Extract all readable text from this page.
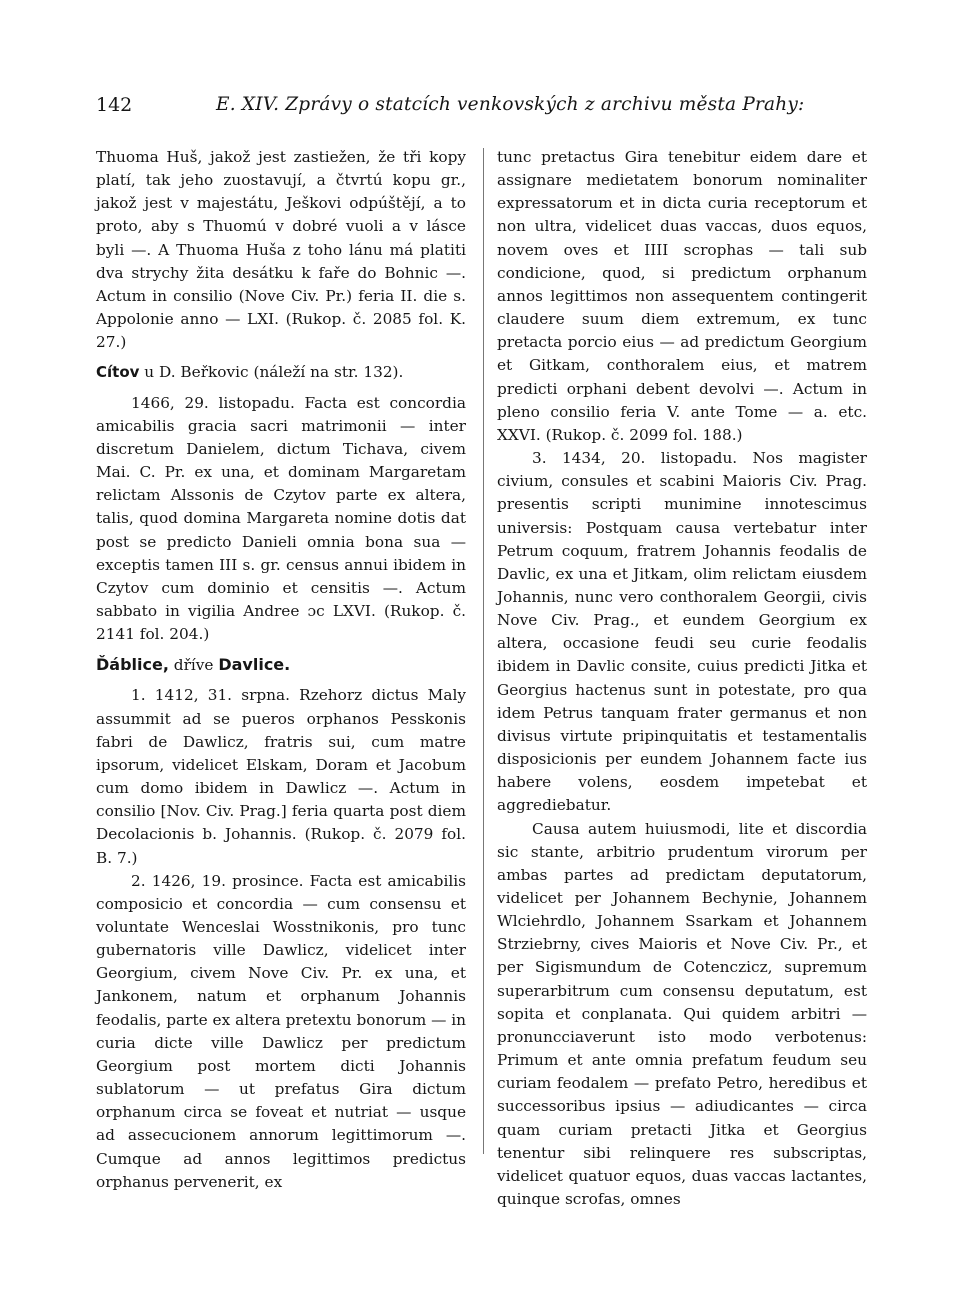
142	E. XIV. Zprávy o statcích venkovských z archivu města Prahy:

Thuoma Huš, jakož jest zastiežen, že tři kopy platí, tak jeho zuostavují, a čtvrtú kopu gr., jakož jest v majestátu, Ješkovi odpúštějí, a to proto, aby s Thuomú v dobré vuoli a v lásce byli —. A Thuoma Huša z toho lánu má platiti dva strychy žita desátku k faře do Bohnic —. Actum in consilio (Nove Civ. Pr.) feria II. die s. Appolonie anno — LXI. (Rukop. č. 2085 fol. K. 27.)

Cítov u D. Beřkovic (náleží na str. 132).

1466, 29. listopadu. Facta est concordia amicabilis gracia sacri matrimonii — inter discretum Danielem, dictum Tichava, civem Mai. C. Pr. ex una, et dominam Margaretam relictam Alssonis de Czytov parte ex altera, talis, quod domina Margareta nomine dotis dat post se predicto Danieli omnia bona sua — exceptis tamen III s. gr. census annui ibidem in Czytov cum dominio et censitis —. Actum sabbato in vigilia Andree ɔc LXVI. (Rukop. č. 2141 fol. 204.)

Ďáblice, dříve Davlice.

1. 1412, 31. srpna. Rzehorz dictus Maly assummit ad se pueros orphanos Pesskonis fabri de Dawlicz, fratris sui, cum matre ipsorum, videlicet Elskam, Doram et Jacobum cum domo ibidem in Dawlicz —. Actum in consilio [Nov. Civ. Prag.] feria quarta post diem Decolacionis b. Johannis. (Rukop. č. 2079 fol. B. 7.)

2. 1426, 19. prosince. Facta est amicabilis composicio et concordia — cum consensu et voluntate Wenceslai Wosstnikonis, pro tunc gubernatoris ville Dawlicz, videlicet inter Georgium, civem Nove Civ. Pr. ex una, et Jankonem, natum et orphanum Johannis feodalis, parte ex altera pretextu bonorum — in curia dicte ville Dawlicz per predictum Georgium post mortem dicti Johannis sublatorum — ut prefatus Gira dictum orphanum circa se foveat et nutriat — usque ad assecucionem annorum legittimorum —. Cumque ad annos legittimos predictus orphanus pervenerit, ex

tunc pretactus Gira tenebitur eidem dare et assignare medietatem bonorum nominaliter expressatorum et in dicta curia receptorum et non ultra, videlicet duas vaccas, duos equos, novem oves et IIII scrophas — tali sub condicione, quod, si predictum orphanum annos legittimos non assequentem contingerit claudere suum diem extremum, ex tunc pretacta porcio eius — ad predictum Georgium et Gitkam, conthoralem eius, et matrem predicti orphani debent devolvi —. Actum in pleno consilio feria V. ante Tome — a. etc. XXVI. (Rukop. č. 2099 fol. 188.)

3. 1434, 20. listopadu. Nos magister civium, consules et scabini Maioris Civ. Prag. presentis scripti munimine innotescimus universis: Postquam causa vertebatur inter Petrum coquum, fratrem Johannis feodalis de Davlic, ex una et Jitkam, olim relictam eiusdem Johannis, nunc vero conthoralem Georgii, civis Nove Civ. Prag., et eundem Georgium ex altera, occasione feudi seu curie feodalis ibidem in Davlic consite, cuius predicti Jitka et Georgius hactenus sunt in potestate, pro qua idem Petrus tanquam frater germanus et non divisus virtute pripinquitatis et testamentalis disposicionis per eundem Johannem facte ius habere volens, eosdem impetebat et aggrediebatur.

Causa autem huiusmodi, lite et discordia sic stante, arbitrio prudentum virorum per ambas partes ad predictam deputatorum, videlicet per Johannem Bechynie, Johannem Wlciehrdlo, Johannem Ssarkam et Johannem Strziebrny, cives Maioris et Nove Civ. Pr., et per Sigismundum de Cotenczicz, supremum superarbitrum cum consensu deputatum, est sopita et conplanata. Qui quidem arbitri — pronuncciaverunt isto modo verbotenus: Primum et ante omnia prefatum feudum seu curiam feodalem — prefato Petro, heredibus et successoribus ipsius — adiudicantes — circa quam curiam pretacti Jitka et Georgius tenentur sibi relinquere res subscriptas, videlicet quatuor equos, duas vaccas lactantes, quinque scrofas, omnes
